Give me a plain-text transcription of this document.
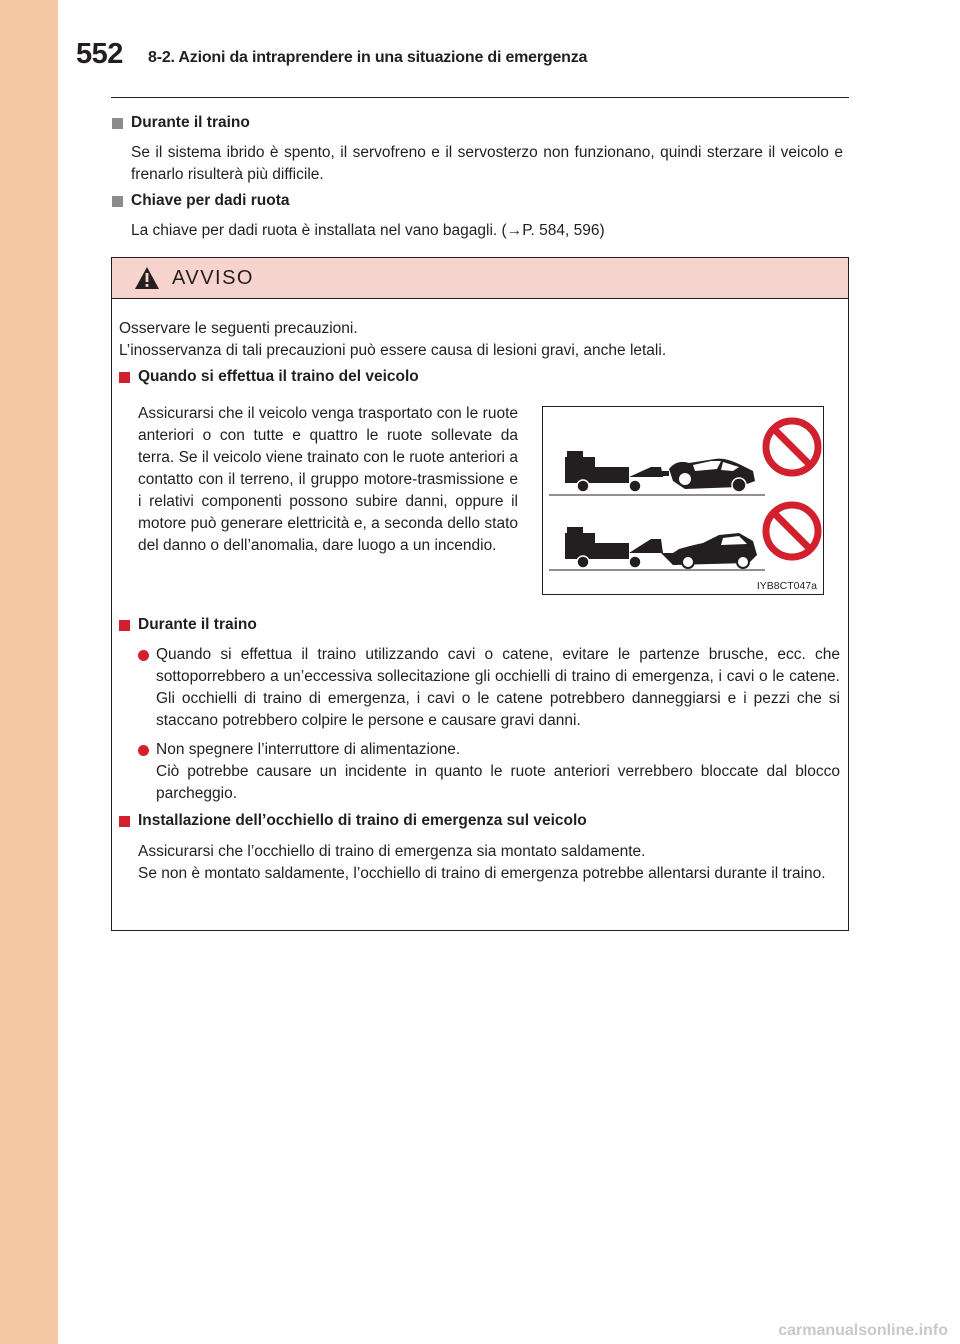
552 8-2. Azioni da intraprendere in una situazione di emergenza
Durante il traino
Se il sistema ibrido è spento, il servofreno e il servosterzo non funzionano, quindi sterzare il veicolo e frenarlo risulterà più difficile.
Chiave per dadi ruota
La chiave per dadi ruota è installata nel vano bagagli. (→P. 584, 596)
AVVISO
Osservare le seguenti precauzioni.
L’inosservanza di tali precauzioni può essere causa di lesioni gravi, anche letali.
Quando si effettua il traino del veicolo
Assicurarsi che il veicolo venga trasportato con le ruote anteriori o con tutte e quattro le ruote sollevate da terra. Se il veicolo viene trainato con le ruote anteriori a contatto con il terreno, il gruppo motore-trasmissione e i relativi componenti possono subire danni, oppure il motore può generare elettricità e, a seconda dello stato del danno o dell’anomalia, dare luogo a un incendio.
IYB8CT047a
Durante il traino
Quando si effettua il traino utilizzando cavi o catene, evitare le partenze brusche, ecc. che sottoporrebbero a un’eccessiva sollecitazione gli occhielli di traino di emergenza, i cavi o le catene. Gli occhielli di traino di emergenza, i cavi o le catene potrebbero danneggiarsi e i pezzi che si staccano potrebbero colpire le persone e causare gravi danni.
Non spegnere l’interruttore di alimentazione.
Ciò potrebbe causare un incidente in quanto le ruote anteriori verrebbero bloccate dal blocco parcheggio.
Installazione dell’occhiello di traino di emergenza sul veicolo
Assicurarsi che l’occhiello di traino di emergenza sia montato saldamente.
Se non è montato saldamente, l’occhiello di traino di emergenza potrebbe allentarsi durante il traino.
carmanualsonline.info
